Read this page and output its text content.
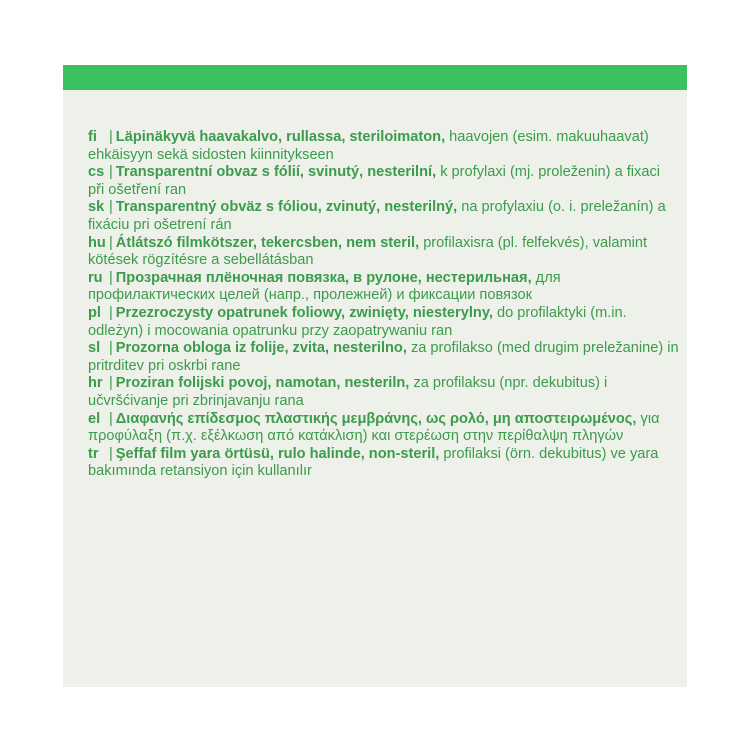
fi | Läpinäkyvä haavakalvo, rullassa, steriloimaton, haavojen (esim. makuuhaavat) ehkäisyyn sekä sidosten kiinnitykseen

cs | Transparentní obvaz s fólií, svinutý, nesterilní, k profylaxi (mj. proleženin) a fixaci při ošetření ran

sk | Transparentný obväz s fóliou, zvinutý, nesterilný, na profylaxiu (o. i. preležanín) a fixáciu pri ošetrení rán

hu | Átlátszó filmkötszer, tekercsben, nem steril, profilaxisra (pl. felfekvés), valamint kötések rögzítésre a sebellátásban

ru | Прозрачная плёночная повязка, в рулоне, нестерильная, для профилактических целей (напр., пролежней) и фиксации повязок

pl | Przezroczysty opatrunek foliowy, zwinięty, niesterylny, do profilaktyki (m.in. odleżyn) i mocowania opatrunku przy zaopatrywaniu ran

sl | Prozorna obloga iz folije, zvita, nesterilno, za profilakso (med drugim preležanine) in pritrditev pri oskrbi rane

hr | Proziran folijski povoj, namotan, nesteriln, za profilaksu (npr. dekubitus) i učvršćivanje pri zbrinjavanju rana

el | Διαφανής επίδεσμος πλαστικής μεμβράνης, ως ρολό, μη αποστειρωμένος, για προφύλαξη (π.χ. εξέλκωση από κατάκλιση) και στερέωση στην περίθαλψη πληγών

tr | Şeffaf film yara örtüsü, rulo halinde, non-steril, profilaksi (örn. dekubitus) ve yara bakımında retansiyon için kullanılır
